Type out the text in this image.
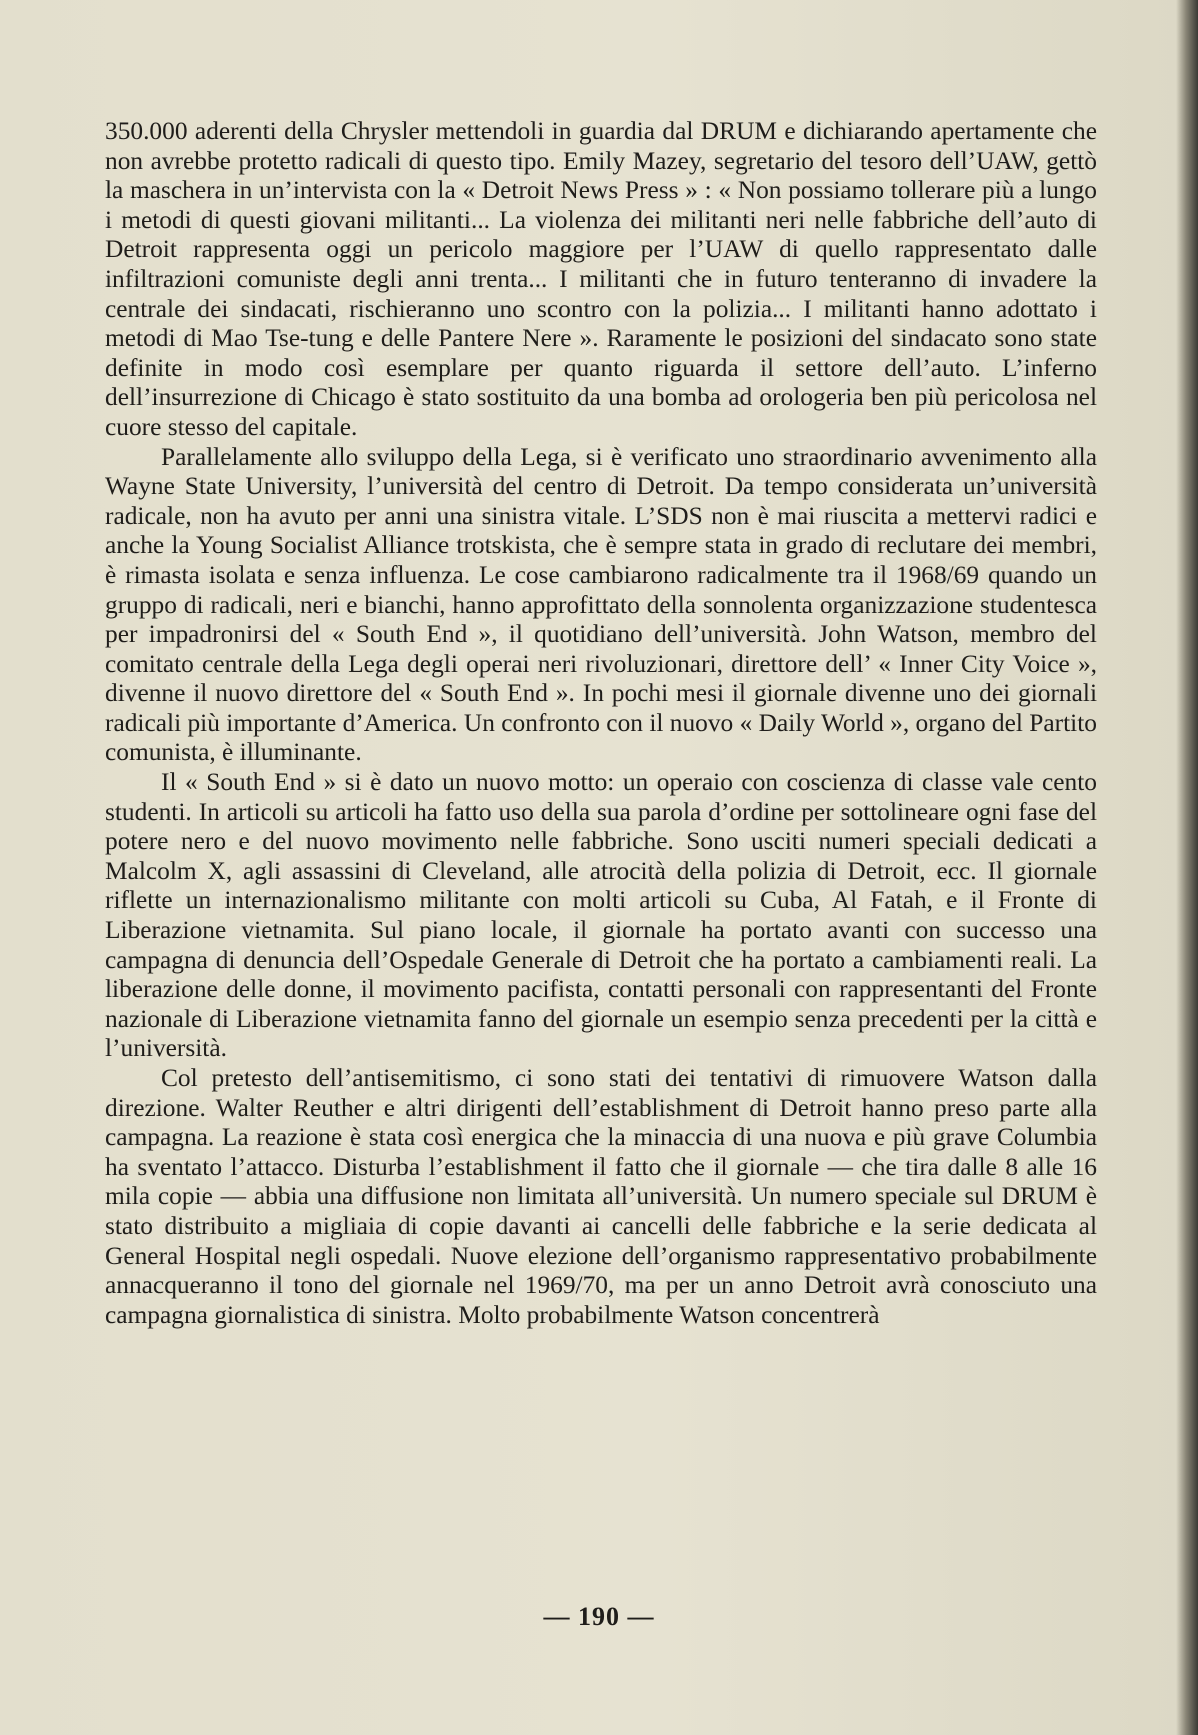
350.000 aderenti della Chrysler mettendoli in guardia dal DRUM e dichiarando apertamente che non avrebbe protetto radicali di questo tipo. Emily Mazey, segretario del tesoro dell’UAW, gettò la maschera in un’intervista con la « Detroit News Press » : « Non possiamo tollerare più a lungo i metodi di questi giovani militanti... La violenza dei militanti neri nelle fabbriche dell’auto di Detroit rappresenta oggi un pericolo maggiore per l’UAW di quello rappresentato dalle infiltrazioni comuniste degli anni trenta... I militanti che in futuro tenteranno di invadere la centrale dei sindacati, rischieranno uno scontro con la polizia... I militanti hanno adottato i metodi di Mao Tse-tung e delle Pantere Nere ». Raramente le posizioni del sindacato sono state definite in modo così esemplare per quanto riguarda il settore dell’auto. L’inferno dell’insurrezione di Chicago è stato sostituito da una bomba ad orologeria ben più pericolosa nel cuore stesso del capitale.

Parallelamente allo sviluppo della Lega, si è verificato uno straordinario avvenimento alla Wayne State University, l’università del centro di Detroit. Da tempo considerata un’università radicale, non ha avuto per anni una sinistra vitale. L’SDS non è mai riuscita a mettervi radici e anche la Young Socialist Alliance trotskista, che è sempre stata in grado di reclutare dei membri, è rimasta isolata e senza influenza. Le cose cambiarono radicalmente tra il 1968/69 quando un gruppo di radicali, neri e bianchi, hanno approfittato della sonnolenta organizzazione studentesca per impadronirsi del « South End », il quotidiano dell’università. John Watson, membro del comitato centrale della Lega degli operai neri rivoluzionari, direttore dell’ « Inner City Voice », divenne il nuovo direttore del « South End ». In pochi mesi il giornale divenne uno dei giornali radicali più importante d’America. Un confronto con il nuovo « Daily World », organo del Partito comunista, è illuminante.

Il « South End » si è dato un nuovo motto: un operaio con coscienza di classe vale cento studenti. In articoli su articoli ha fatto uso della sua parola d’ordine per sottolineare ogni fase del potere nero e del nuovo movimento nelle fabbriche. Sono usciti numeri speciali dedicati a Malcolm X, agli assassini di Cleveland, alle atrocità della polizia di Detroit, ecc. Il giornale riflette un internazionalismo militante con molti articoli su Cuba, Al Fatah, e il Fronte di Liberazione vietnamita. Sul piano locale, il giornale ha portato avanti con successo una campagna di denuncia dell’Ospedale Generale di Detroit che ha portato a cambiamenti reali. La liberazione delle donne, il movimento pacifista, contatti personali con rappresentanti del Fronte nazionale di Liberazione vietnamita fanno del giornale un esempio senza precedenti per la città e l’università.

Col pretesto dell’antisemitismo, ci sono stati dei tentativi di rimuovere Watson dalla direzione. Walter Reuther e altri dirigenti dell’establishment di Detroit hanno preso parte alla campagna. La reazione è stata così energica che la minaccia di una nuova e più grave Columbia ha sventato l’attacco. Disturba l’establishment il fatto che il giornale — che tira dalle 8 alle 16 mila copie — abbia una diffusione non limitata all’università. Un numero speciale sul DRUM è stato distribuito a migliaia di copie davanti ai cancelli delle fabbriche e la serie dedicata al General Hospital negli ospedali. Nuove elezione dell’organismo rappresentativo probabilmente annacqueranno il tono del giornale nel 1969/70, ma per un anno Detroit avrà conosciuto una campagna giornalistica di sinistra. Molto probabilmente Watson concentrerà

— 190 —
